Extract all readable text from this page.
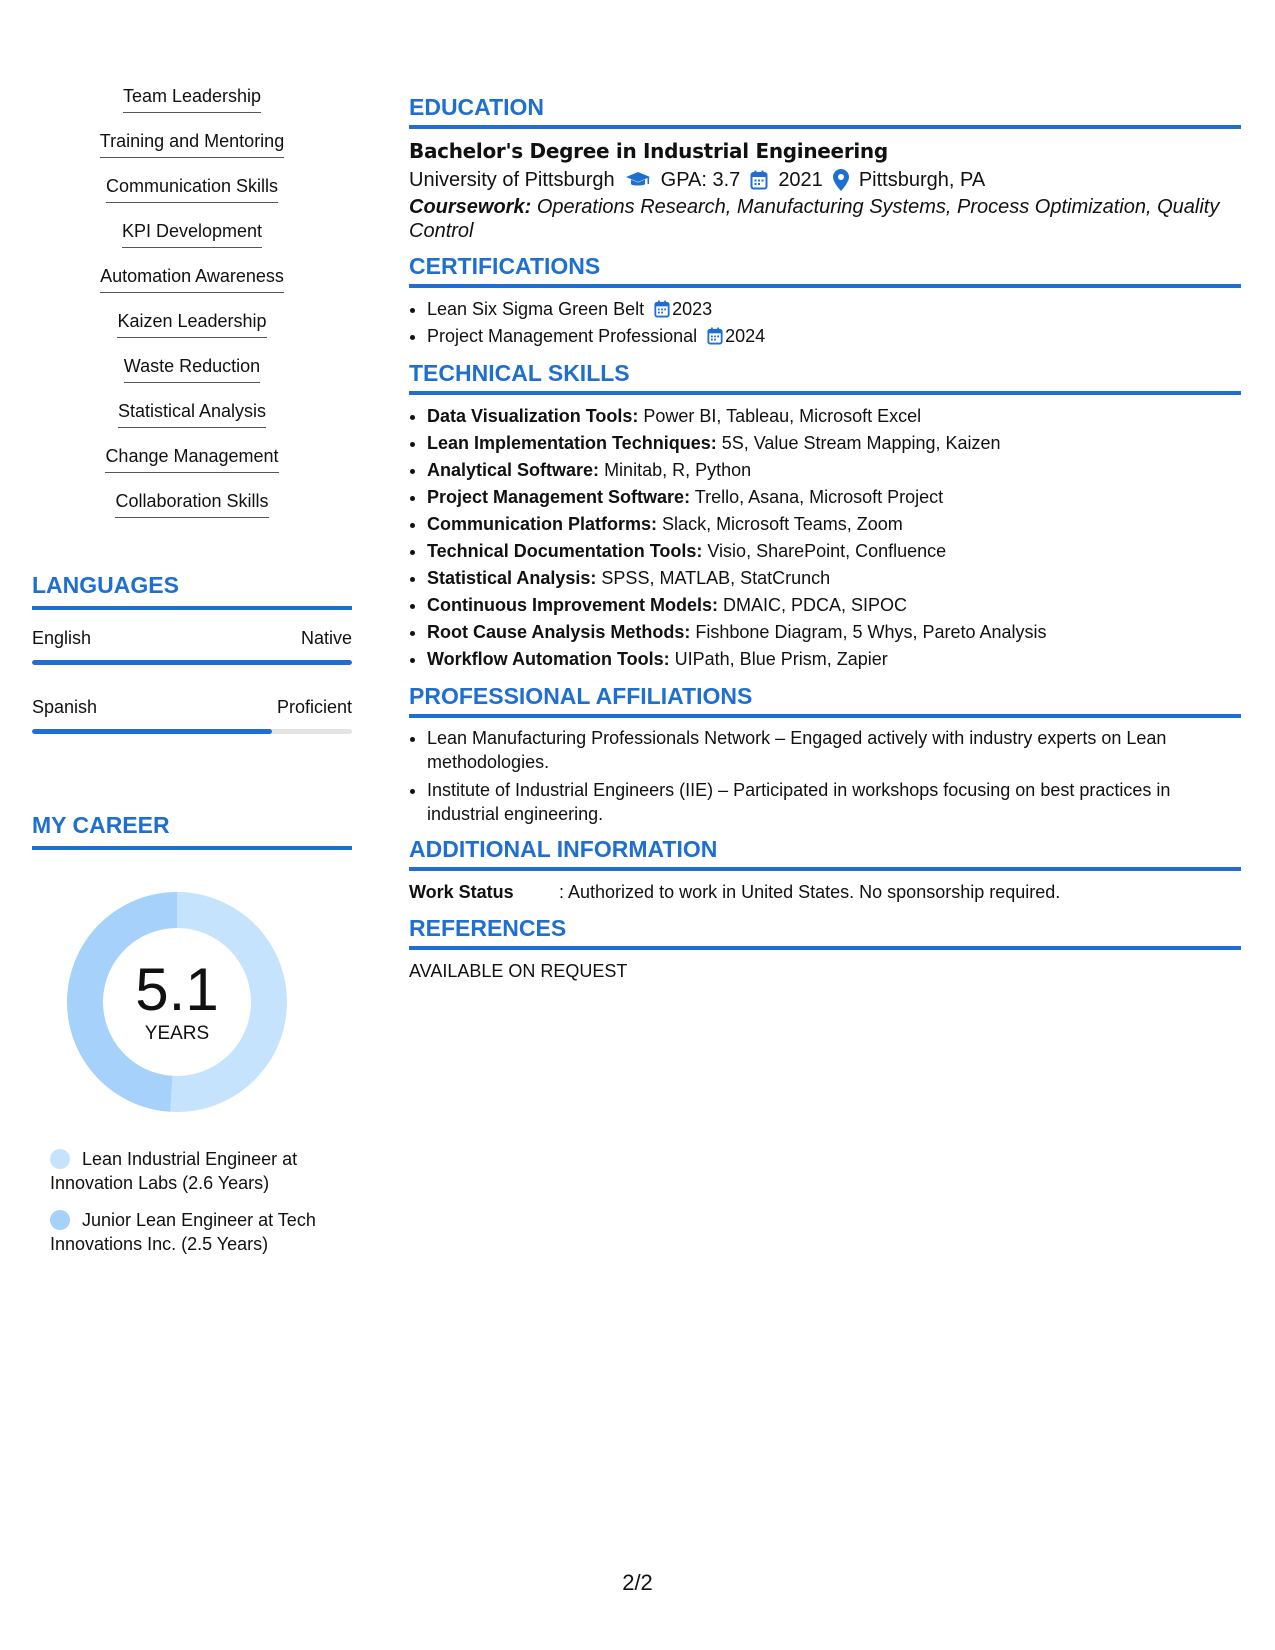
Team Leadership
Training and Mentoring
Communication Skills
KPI Development
Automation Awareness
Kaizen Leadership
Waste Reduction
Statistical Analysis
Change Management
Collaboration Skills
LANGUAGES
English	Native
Spanish	Proficient
MY CAREER
5.1
YEARS
Lean Industrial Engineer at Innovation Labs (2.6 Years)
Junior Lean Engineer at Tech Innovations Inc. (2.5 Years)
EDUCATION
Bachelor's Degree in Industrial Engineering
University of Pittsburgh GPA: 3.7 2021 Pittsburgh, PA
Coursework: Operations Research, Manufacturing Systems, Process Optimization, Quality Control
CERTIFICATIONS
• Lean Six Sigma Green Belt 2023
• Project Management Professional 2024
TECHNICAL SKILLS
• Data Visualization Tools: Power BI, Tableau, Microsoft Excel
• Lean Implementation Techniques: 5S, Value Stream Mapping, Kaizen
• Analytical Software: Minitab, R, Python
• Project Management Software: Trello, Asana, Microsoft Project
• Communication Platforms: Slack, Microsoft Teams, Zoom
• Technical Documentation Tools: Visio, SharePoint, Confluence
• Statistical Analysis: SPSS, MATLAB, StatCrunch
• Continuous Improvement Models: DMAIC, PDCA, SIPOC
• Root Cause Analysis Methods: Fishbone Diagram, 5 Whys, Pareto Analysis
• Workflow Automation Tools: UIPath, Blue Prism, Zapier
PROFESSIONAL AFFILIATIONS
• Lean Manufacturing Professionals Network – Engaged actively with industry experts on Lean methodologies.
• Institute of Industrial Engineers (IIE) – Participated in workshops focusing on best practices in industrial engineering.
ADDITIONAL INFORMATION
Work Status	: Authorized to work in United States. No sponsorship required.
REFERENCES
AVAILABLE ON REQUEST
2/2
